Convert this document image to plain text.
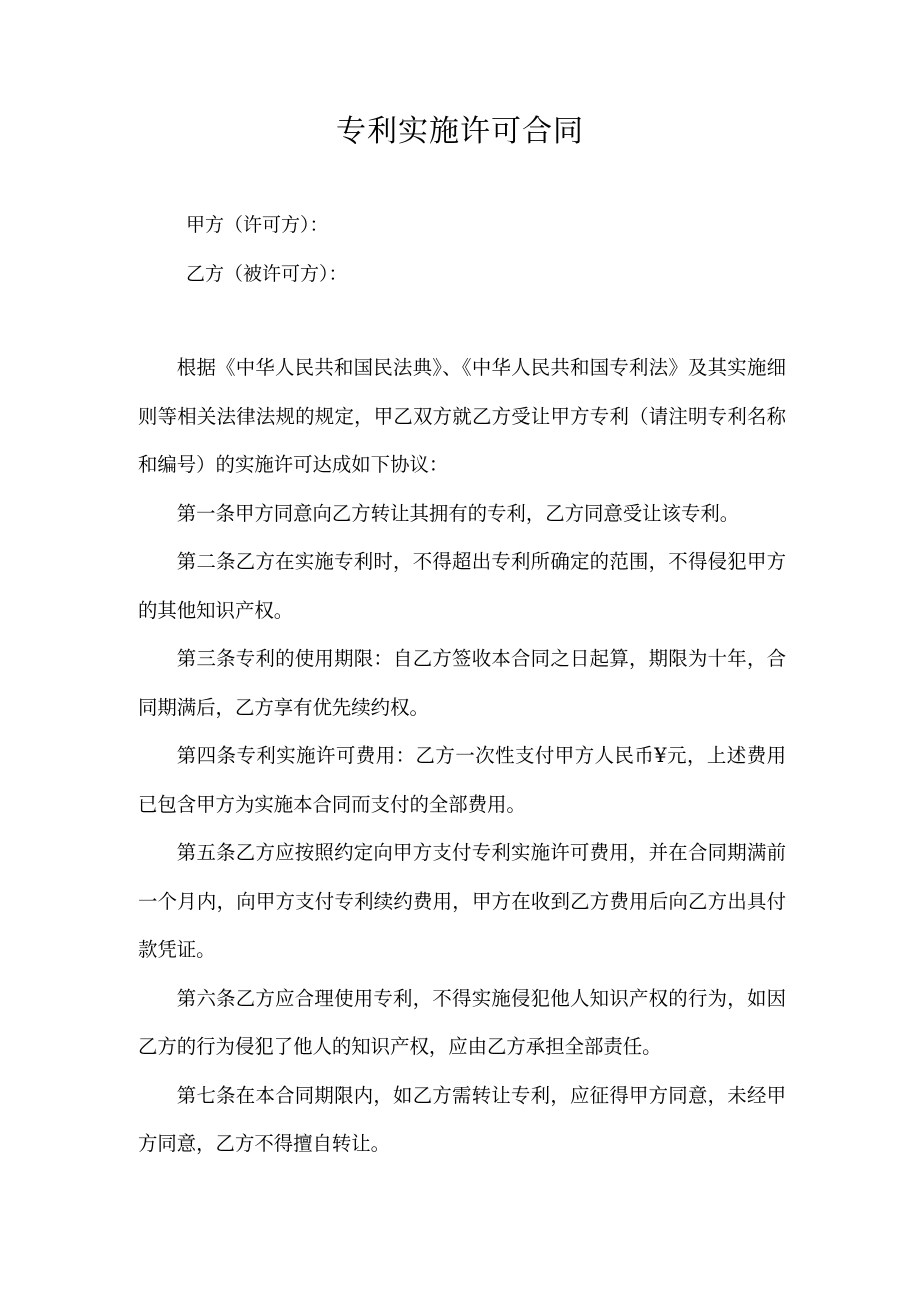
专利实施许可合同

甲方（许可方）：

乙方（被许可方）：

根据《中华人民共和国民法典》、《中华人民共和国专利法》及其实施细则等相关法律法规的规定，甲乙双方就乙方受让甲方专利（请注明专利名称和编号）的实施许可达成如下协议：

第一条甲方同意向乙方转让其拥有的专利，乙方同意受让该专利。

第二条乙方在实施专利时，不得超出专利所确定的范围，不得侵犯甲方的其他知识产权。

第三条专利的使用期限：自乙方签收本合同之日起算，期限为十年，合同期满后，乙方享有优先续约权。

第四条专利实施许可费用：乙方一次性支付甲方人民币¥元，上述费用已包含甲方为实施本合同而支付的全部费用。

第五条乙方应按照约定向甲方支付专利实施许可费用，并在合同期满前一个月内，向甲方支付专利续约费用，甲方在收到乙方费用后向乙方出具付款凭证。

第六条乙方应合理使用专利，不得实施侵犯他人知识产权的行为，如因乙方的行为侵犯了他人的知识产权，应由乙方承担全部责任。

第七条在本合同期限内，如乙方需转让专利，应征得甲方同意，未经甲方同意，乙方不得擅自转让。
